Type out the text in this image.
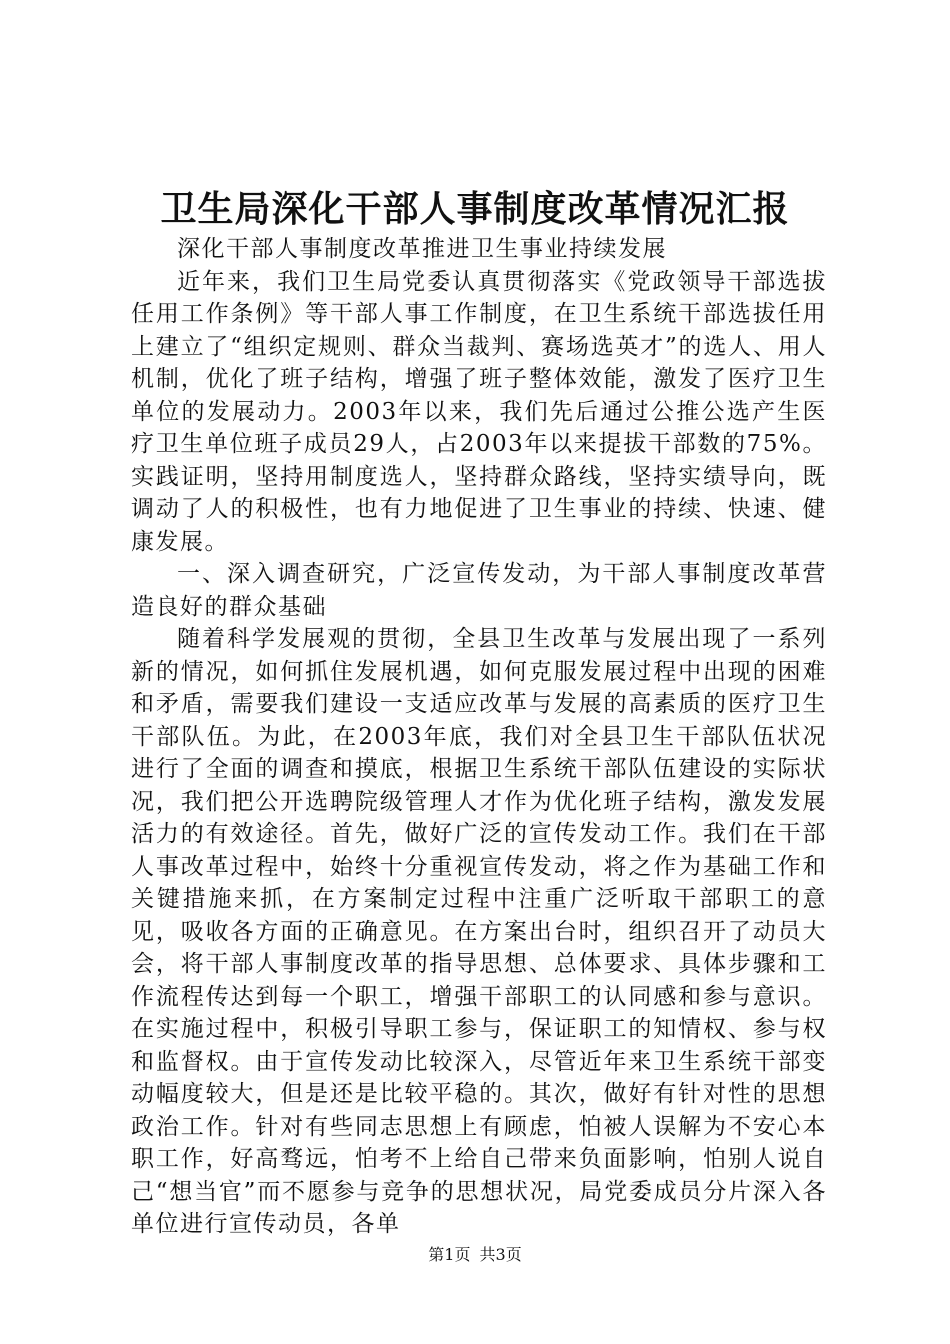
卫生局深化干部人事制度改革情况汇报

深化干部人事制度改革推进卫生事业持续发展

近年来，我们卫生局党委认真贯彻落实《党政领导干部选拔任用工作条例》等干部人事工作制度，在卫生系统干部选拔任用上建立了“组织定规则、群众当裁判、赛场选英才”的选人、用人机制，优化了班子结构，增强了班子整体效能，激发了医疗卫生单位的发展动力。2003年以来，我们先后通过公推公选产生医疗卫生单位班子成员29人，占2003年以来提拔干部数的75%。实践证明，坚持用制度选人，坚持群众路线，坚持实绩导向，既调动了人的积极性，也有力地促进了卫生事业的持续、快速、健康发展。

一、深入调查研究，广泛宣传发动，为干部人事制度改革营造良好的群众基础

随着科学发展观的贯彻，全县卫生改革与发展出现了一系列新的情况，如何抓住发展机遇，如何克服发展过程中出现的困难和矛盾，需要我们建设一支适应改革与发展的高素质的医疗卫生干部队伍。为此，在2003年底，我们对全县卫生干部队伍状况进行了全面的调查和摸底，根据卫生系统干部队伍建设的实际状况，我们把公开选聘院级管理人才作为优化班子结构，激发发展活力的有效途径。首先，做好广泛的宣传发动工作。我们在干部人事改革过程中，始终十分重视宣传发动，将之作为基础工作和关键措施来抓，在方案制定过程中注重广泛听取干部职工的意见，吸收各方面的正确意见。在方案出台时，组织召开了动员大会，将干部人事制度改革的指导思想、总体要求、具体步骤和工作流程传达到每一个职工，增强干部职工的认同感和参与意识。在实施过程中，积极引导职工参与，保证职工的知情权、参与权和监督权。由于宣传发动比较深入，尽管近年来卫生系统干部变动幅度较大，但是还是比较平稳的。其次，做好有针对性的思想政治工作。针对有些同志思想上有顾虑，怕被人误解为不安心本职工作，好高骛远，怕考不上给自己带来负面影响，怕别人说自己“想当官”而不愿参与竞争的思想状况，局党委成员分片深入各单位进行宣传动员，各单

第1页 共3页
